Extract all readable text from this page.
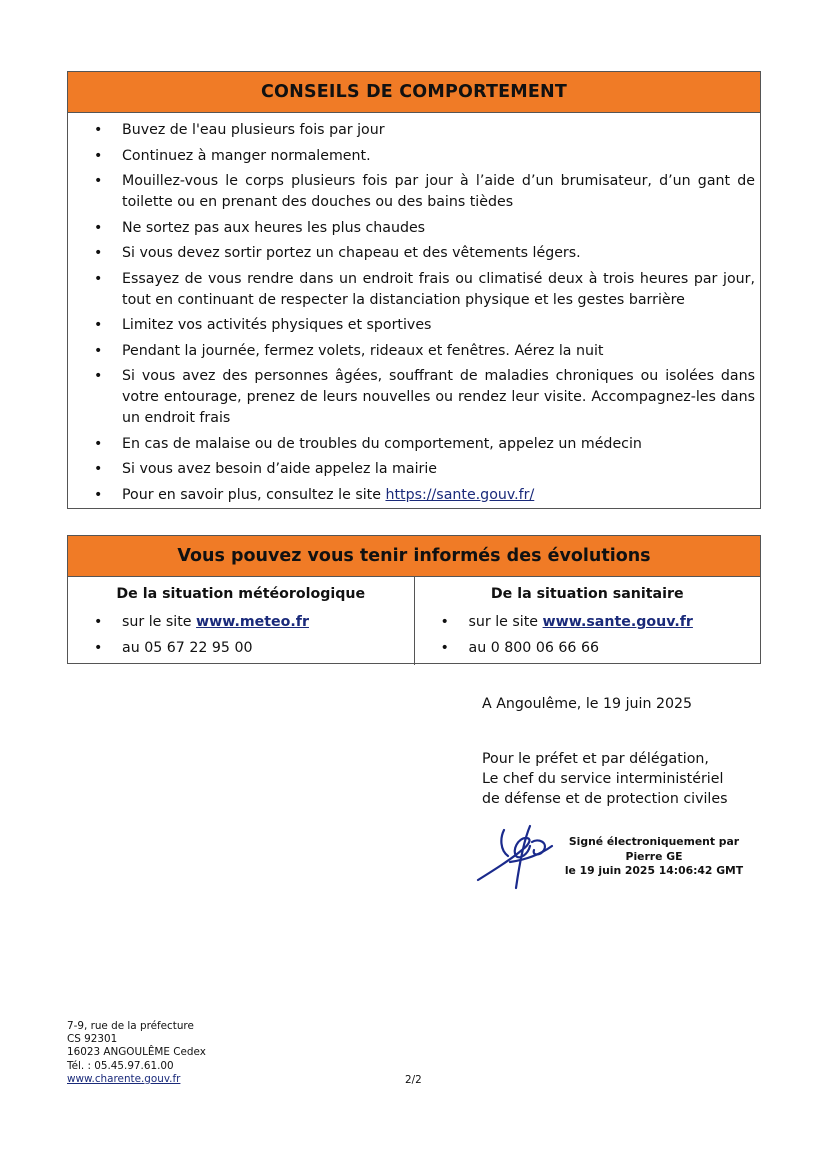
CONSEILS DE COMPORTEMENT
• Buvez de l'eau plusieurs fois par jour
• Continuez à manger normalement.
• Mouillez-vous le corps plusieurs fois par jour à l’aide d’un brumisateur, d’un gant de toilette ou en prenant des douches ou des bains tièdes
• Ne sortez pas aux heures les plus chaudes
• Si vous devez sortir portez un chapeau et des vêtements légers.
• Essayez de vous rendre dans un endroit frais ou climatisé deux à trois heures par jour, tout en continuant de respecter la distanciation physique et les gestes barrière
• Limitez vos activités physiques et sportives
• Pendant la journée, fermez volets, rideaux et fenêtres. Aérez la nuit
• Si vous avez des personnes âgées, souffrant de maladies chroniques ou isolées dans votre entourage, prenez de leurs nouvelles ou rendez leur visite. Accompagnez-les dans un endroit frais
• En cas de malaise ou de troubles du comportement, appelez un médecin
• Si vous avez besoin d’aide appelez la mairie
• Pour en savoir plus, consultez le site https://sante.gouv.fr/
Vous pouvez vous tenir informés des évolutions
De la situation météorologique
• sur le site www.meteo.fr
• au 05 67 22 95 00
De la situation sanitaire
• sur le site www.sante.gouv.fr
• au 0 800 06 66 66
A Angoulême, le 19 juin 2025
Pour le préfet et par délégation,
Le chef du service interministériel
de défense et de protection civiles
Signé électroniquement par
Pierre GE
le 19 juin 2025 14:06:42 GMT
7-9, rue de la préfecture
CS 92301
16023 ANGOULÊME Cedex
Tél. : 05.45.97.61.00
www.charente.gouv.fr	2/2
